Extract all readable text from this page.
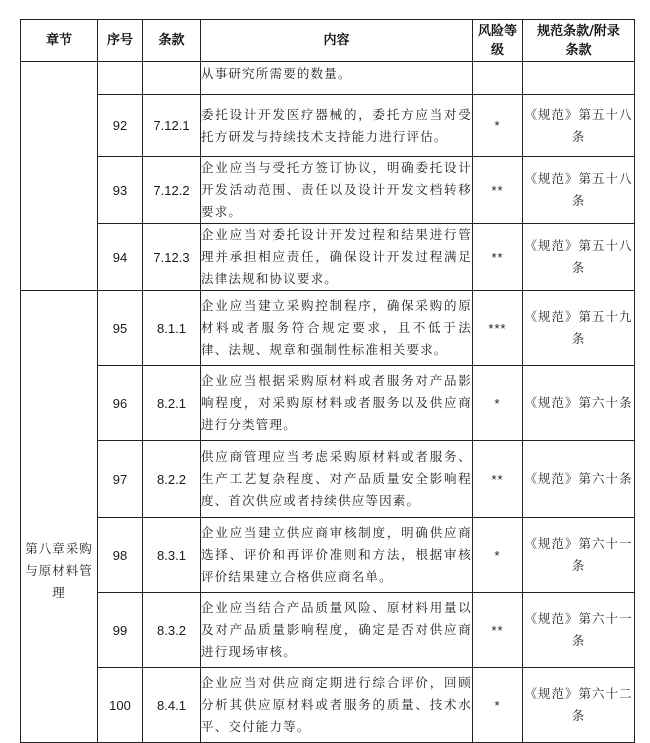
章节	序号	条款	内容	风险等级	规范条款/附录条款
			从事研究所需要的数量。		
	92	7.12.1	委托设计开发医疗器械的，委托方应当对受托方研发与持续技术支持能力进行评估。	*	《规范》第五十八条
	93	7.12.2	企业应当与受托方签订协议，明确委托设计开发活动范围、责任以及设计开发文档转移要求。	**	《规范》第五十八条
	94	7.12.3	企业应当对委托设计开发过程和结果进行管理并承担相应责任，确保设计开发过程满足法律法规和协议要求。	**	《规范》第五十八条

第八章采购与原材料管理	95	8.1.1	企业应当建立采购控制程序，确保采购的原材料或者服务符合规定要求，且不低于法律、法规、规章和强制性标准相关要求。	***	《规范》第五十九条
	96	8.2.1	企业应当根据采购原材料或者服务对产品影响程度，对采购原材料或者服务以及供应商进行分类管理。	*	《规范》第六十条
	97	8.2.2	供应商管理应当考虑采购原材料或者服务、生产工艺复杂程度、对产品质量安全影响程度、首次供应或者持续供应等因素。	**	《规范》第六十条
	98	8.3.1	企业应当建立供应商审核制度，明确供应商选择、评价和再评价准则和方法，根据审核评价结果建立合格供应商名单。	*	《规范》第六十一条
	99	8.3.2	企业应当结合产品质量风险、原材料用量以及对产品质量影响程度，确定是否对供应商进行现场审核。	**	《规范》第六十一条
	100	8.4.1	企业应当对供应商定期进行综合评价，回顾分析其供应原材料或者服务的质量、技术水平、交付能力等。	*	《规范》第六十二条
